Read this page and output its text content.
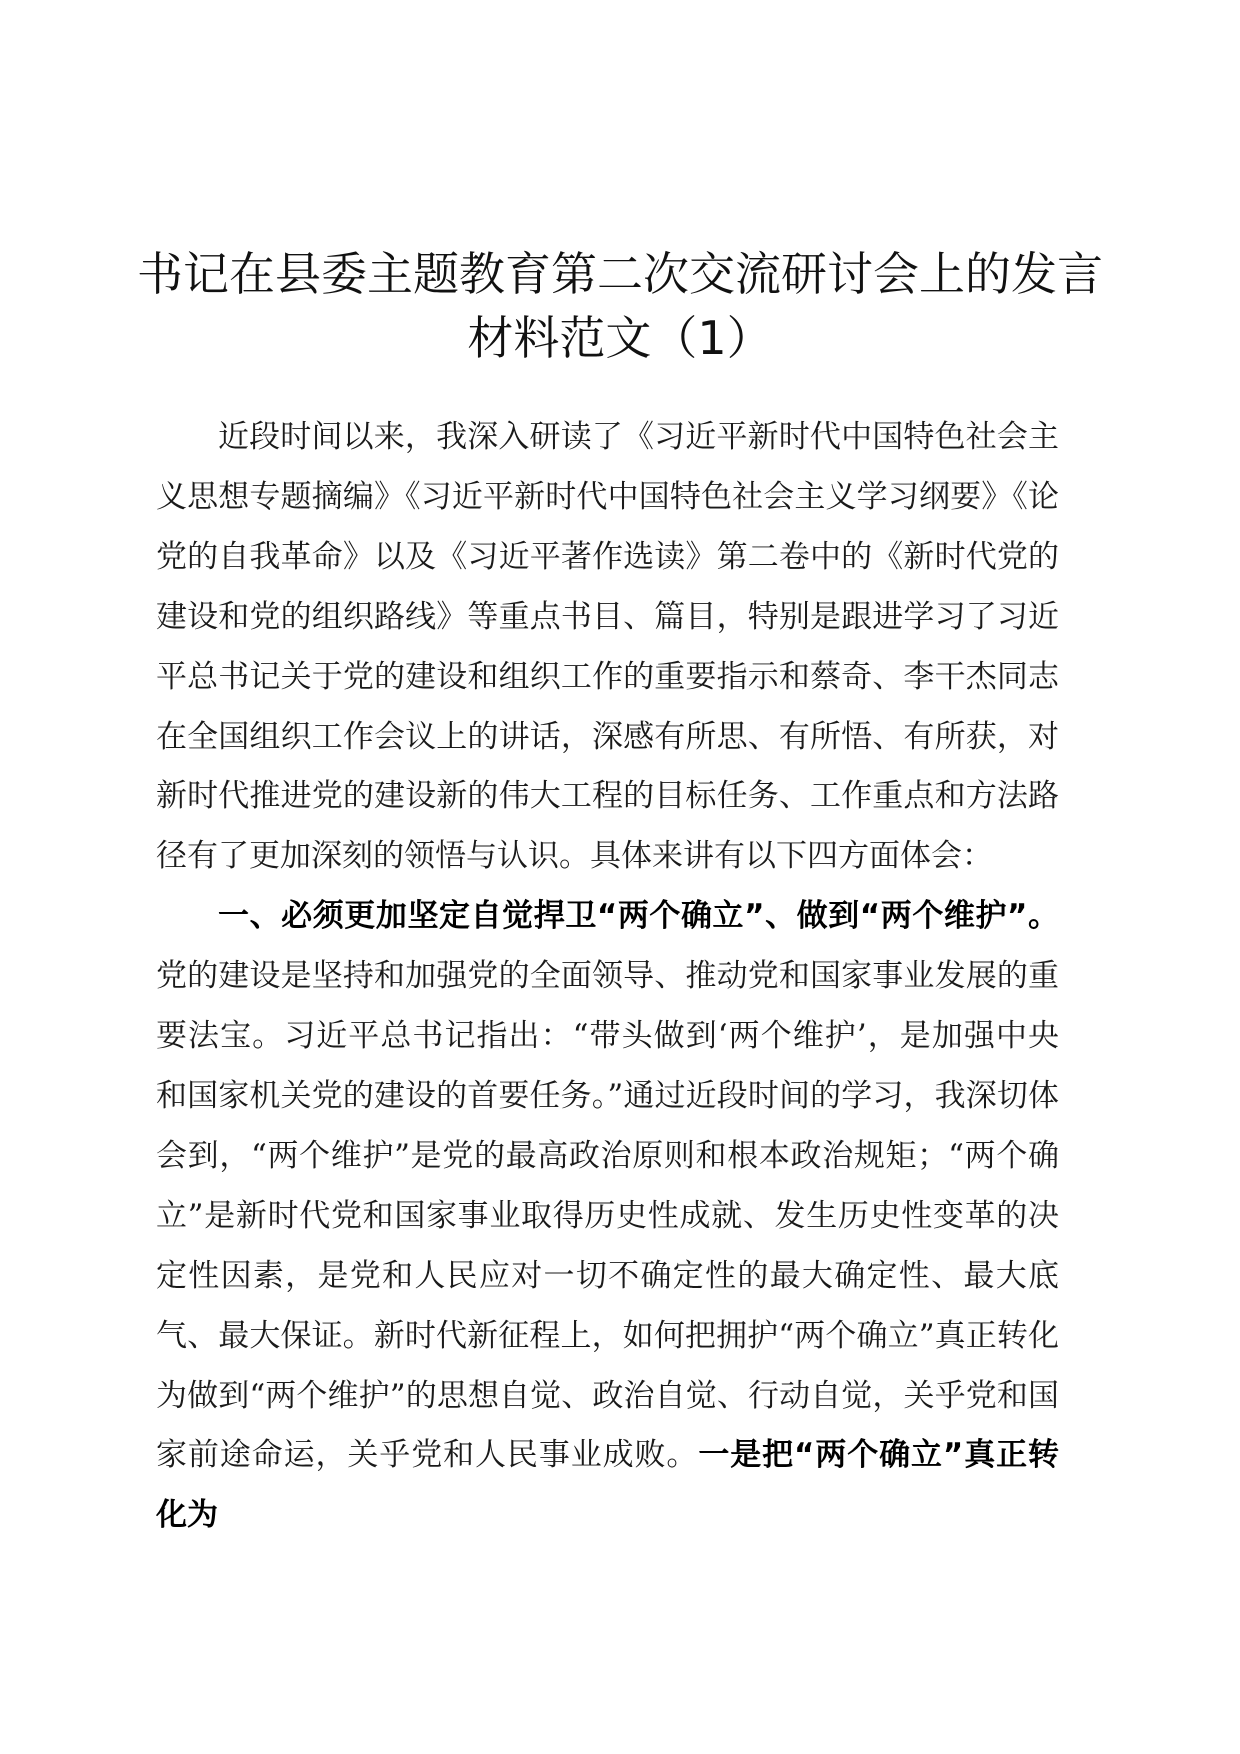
书记在县委主题教育第二次交流研讨会上的发言材料范文（1）

近段时间以来，我深入研读了《习近平新时代中国特色社会主义思想专题摘编》《习近平新时代中国特色社会主义学习纲要》《论党的自我革命》以及《习近平著作选读》第二卷中的《新时代党的建设和党的组织路线》等重点书目、篇目，特别是跟进学习了习近平总书记关于党的建设和组织工作的重要指示和蔡奇、李干杰同志在全国组织工作会议上的讲话，深感有所思、有所悟、有所获，对新时代推进党的建设新的伟大工程的目标任务、工作重点和方法路径有了更加深刻的领悟与认识。具体来讲有以下四方面体会：

一、必须更加坚定自觉捍卫“两个确立”、做到“两个维护”。党的建设是坚持和加强党的全面领导、推动党和国家事业发展的重要法宝。习近平总书记指出：“带头做到‘两个维护’，是加强中央和国家机关党的建设的首要任务。”通过近段时间的学习，我深切体会到，“两个维护”是党的最高政治原则和根本政治规矩；“两个确立”是新时代党和国家事业取得历史性成就、发生历史性变革的决定性因素，是党和人民应对一切不确定性的最大确定性、最大底气、最大保证。新时代新征程上，如何把拥护“两个确立”真正转化为做到“两个维护”的思想自觉、政治自觉、行动自觉，关乎党和国家前途命运，关乎党和人民事业成败。一是把“两个确立”真正转化为
